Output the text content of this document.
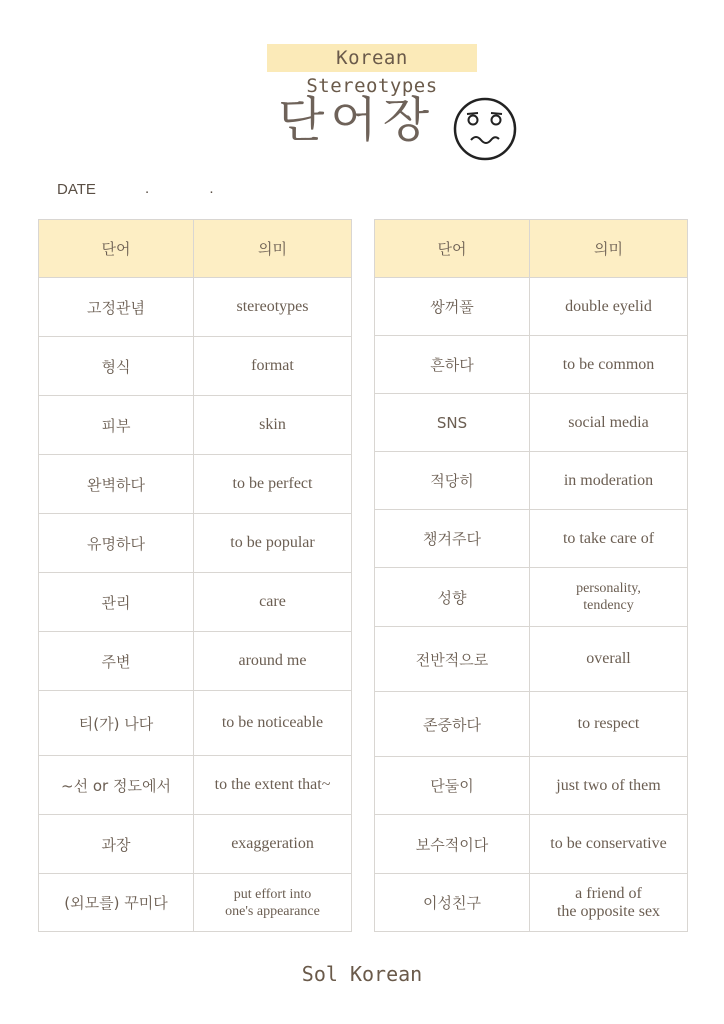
Korean Stereotypes
단어장
DATE	. .
단어	의미
고정관념	stereotypes
형식	format
피부	skin
완벽하다	to be perfect
유명하다	to be popular
관리	care
주변	around me
티(가) 나다	to be noticeable
~선 or 정도에서	to the extent that~
과장	exaggeration
(외모를) 꾸미다	put effort into
one's appearance
단어	의미
쌍꺼풀	double eyelid
흔하다	to be common
SNS	social media
적당히	in moderation
챙겨주다	to take care of
성향	personality,
tendency

전반적으로	overall
존중하다	to respect
단둘이	just two of them
보수적이다	to be conservative
이성친구	a friend of
the opposite sex
Sol Korean
